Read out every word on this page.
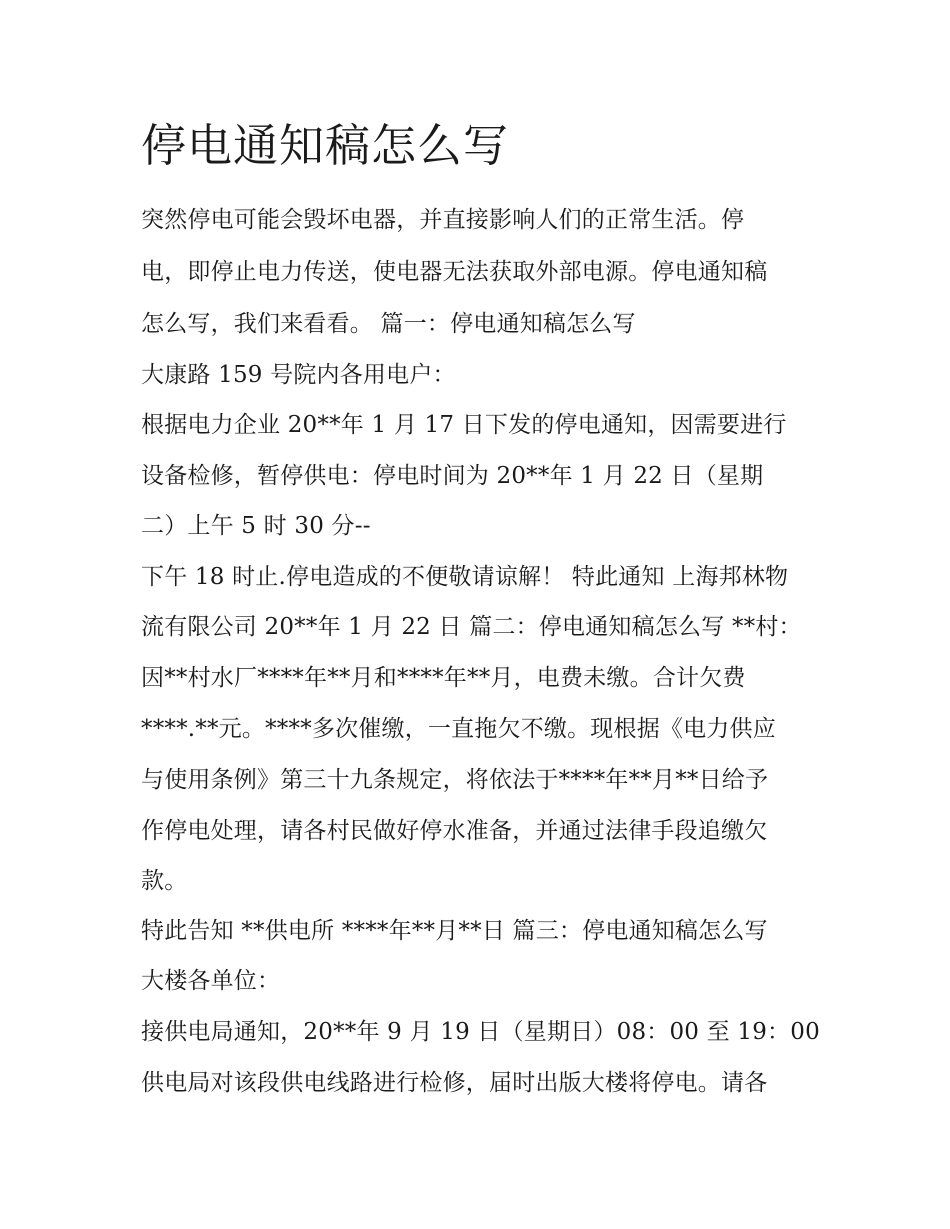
停电通知稿怎么写
突然停电可能会毁坏电器，并直接影响人们的正常生活。停
电，即停止电力传送，使电器无法获取外部电源。停电通知稿
怎么写，我们来看看。 篇一：停电通知稿怎么写
大康路 159 号院内各用电户：
根据电力企业 20**年 1 月 17 日下发的停电通知，因需要进行
设备检修，暂停供电：停电时间为 20**年 1 月 22 日（星期
二）上午 5 时 30 分--
下午 18 时止.停电造成的不便敬请谅解！ 特此通知 上海邦林物
流有限公司 20**年 1 月 22 日 篇二：停电通知稿怎么写 **村：
因**村水厂****年**月和****年**月，电费未缴。合计欠费
****.**元。****多次催缴，一直拖欠不缴。现根据《电力供应
与使用条例》第三十九条规定，将依法于****年**月**日给予
作停电处理，请各村民做好停水准备，并通过法律手段追缴欠
款。
特此告知 **供电所 ****年**月**日 篇三：停电通知稿怎么写
大楼各单位：
接供电局通知，20**年 9 月 19 日（星期日）08：00 至 19：00
供电局对该段供电线路进行检修，届时出版大楼将停电。请各
